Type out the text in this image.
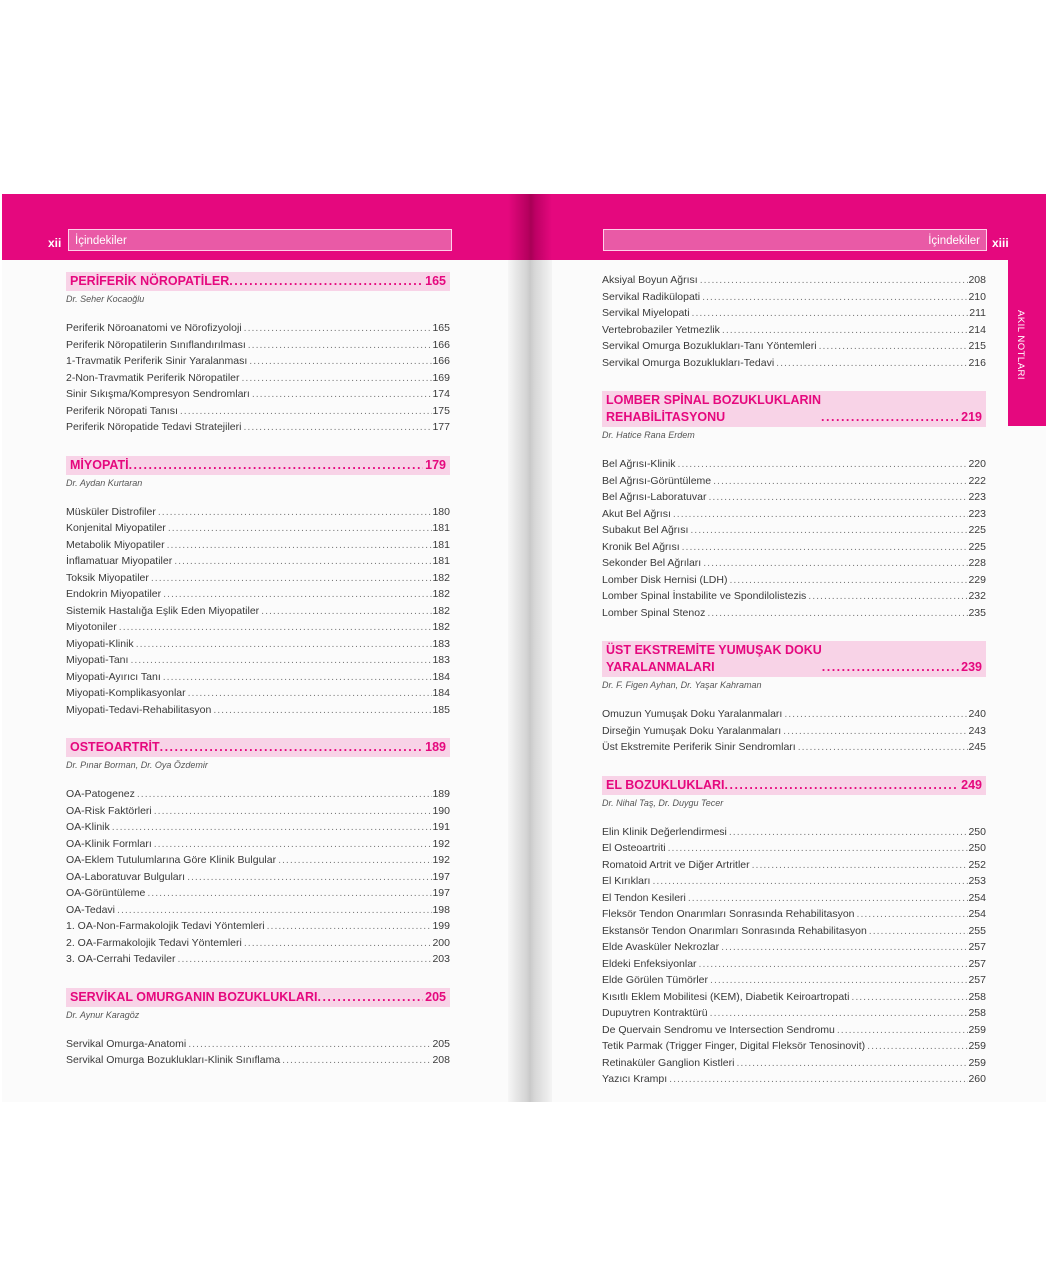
xii	İçindekiler	İçindekiler	xiii
PERİFERİK NÖROPATİLER .....	165
Dr. Seher Kocaoğlu
Periferik Nöroanatomi ve Nörofizyoloji .....	165
Periferik Nöropatilerin Sınıflandırılması .....	166
1-Travmatik Periferik Sinir Yaralanması .....	166
2-Non-Travmatik Periferik Nöropatiler .....	169
Sinir Sıkışma/Kompresyon Sendromları .....	174
Periferik Nöropati Tanısı .....	175
Periferik Nöropatide Tedavi Stratejileri .....	177
MİYOPATİ .....	179
Dr. Aydan Kurtaran
Müsküler Distrofiler .....	180
Konjenital Miyopatiler .....	181
Metabolik Miyopatiler .....	181
İnflamatuar Miyopatiler .....	181
Toksik Miyopatiler .....	182
Endokrin Miyopatiler .....	182
Sistemik Hastalığa Eşlik Eden Miyopatiler .....	182
Miyotoniler .....	182
Miyopati-Klinik .....	183
Miyopati-Tanı .....	183
Miyopati-Ayırıcı Tanı .....	184
Miyopati-Komplikasyonlar .....	184
Miyopati-Tedavi-Rehabilitasyon .....	185
OSTEOARTRİT .....	189
Dr. Pınar Borman, Dr. Oya Özdemir
OA-Patogenez .....	189
OA-Risk Faktörleri .....	190
OA-Klinik .....	191
OA-Klinik Formları .....	192
OA-Eklem Tutulumlarına Göre Klinik Bulgular .....	192
OA-Laboratuvar Bulguları .....	197
OA-Görüntüleme .....	197
OA-Tedavi .....	198
1. OA-Non-Farmakolojik Tedavi Yöntemleri .....	199
2. OA-Farmakolojik Tedavi Yöntemleri .....	200
3. OA-Cerrahi Tedaviler .....	203
SERVİKAL OMURGANIN BOZUKLUKLARI .....	205
Dr. Aynur Karagöz
Servikal Omurga-Anatomi .....	205
Servikal Omurga Bozuklukları-Klinik Sınıflama .....	208
Aksiyal Boyun Ağrısı .....	208
Servikal Radikülopati .....	210
Servikal Miyelopati .....	211
Vertebrobaziler Yetmezlik .....	214
Servikal Omurga Bozuklukları-Tanı Yöntemleri .....	215
Servikal Omurga Bozuklukları-Tedavi .....	216
LOMBER SPİNAL BOZUKLUKLARIN
REHABİLİTASYONU .....	219
Dr. Hatice Rana Erdem
Bel Ağrısı-Klinik .....	220
Bel Ağrısı-Görüntüleme .....	222
Bel Ağrısı-Laboratuvar .....	223
Akut Bel Ağrısı .....	223
Subakut Bel Ağrısı .....	225
Kronik Bel Ağrısı .....	225
Sekonder Bel Ağrıları .....	228
Lomber Disk Hernisi (LDH) .....	229
Lomber Spinal İnstabilite ve Spondilolistezis .....	232
Lomber Spinal Stenoz .....	235
ÜST EKSTREMİTE YUMUŞAK DOKU
YARALANMALARI .....	239
Dr. F. Figen Ayhan, Dr. Yaşar Kahraman
Omuzun Yumuşak Doku Yaralanmaları .....	240
Dirseğin Yumuşak Doku Yaralanmaları .....	243
Üst Ekstremite Periferik Sinir Sendromları .....	245
EL BOZUKLUKLARI .....	249
Dr. Nihal Taş, Dr. Duygu Tecer
Elin Klinik Değerlendirmesi .....	250
El Osteoartriti .....	250
Romatoid Artrit ve Diğer Artritler .....	252
El Kırıkları .....	253
El Tendon Kesileri .....	254
Fleksör Tendon Onarımları Sonrasında Rehabilitasyon .....	254
Ekstansör Tendon Onarımları Sonrasında Rehabilitasyon .....	255
Elde Avasküler Nekrozlar .....	257
Eldeki Enfeksiyonlar .....	257
Elde Görülen Tümörler .....	257
Kısıtlı Eklem Mobilitesi (KEM), Diabetik Keiroartropati .....	258
Dupuytren Kontraktürü .....	258
De Quervain Sendromu ve Intersection Sendromu .....	259
Tetik Parmak (Trigger Finger, Digital Fleksör Tenosinovit) .....	259
Retinaküler Ganglion Kistleri .....	259
Yazıcı Krampı .....	260
AKIL NOTLARI
